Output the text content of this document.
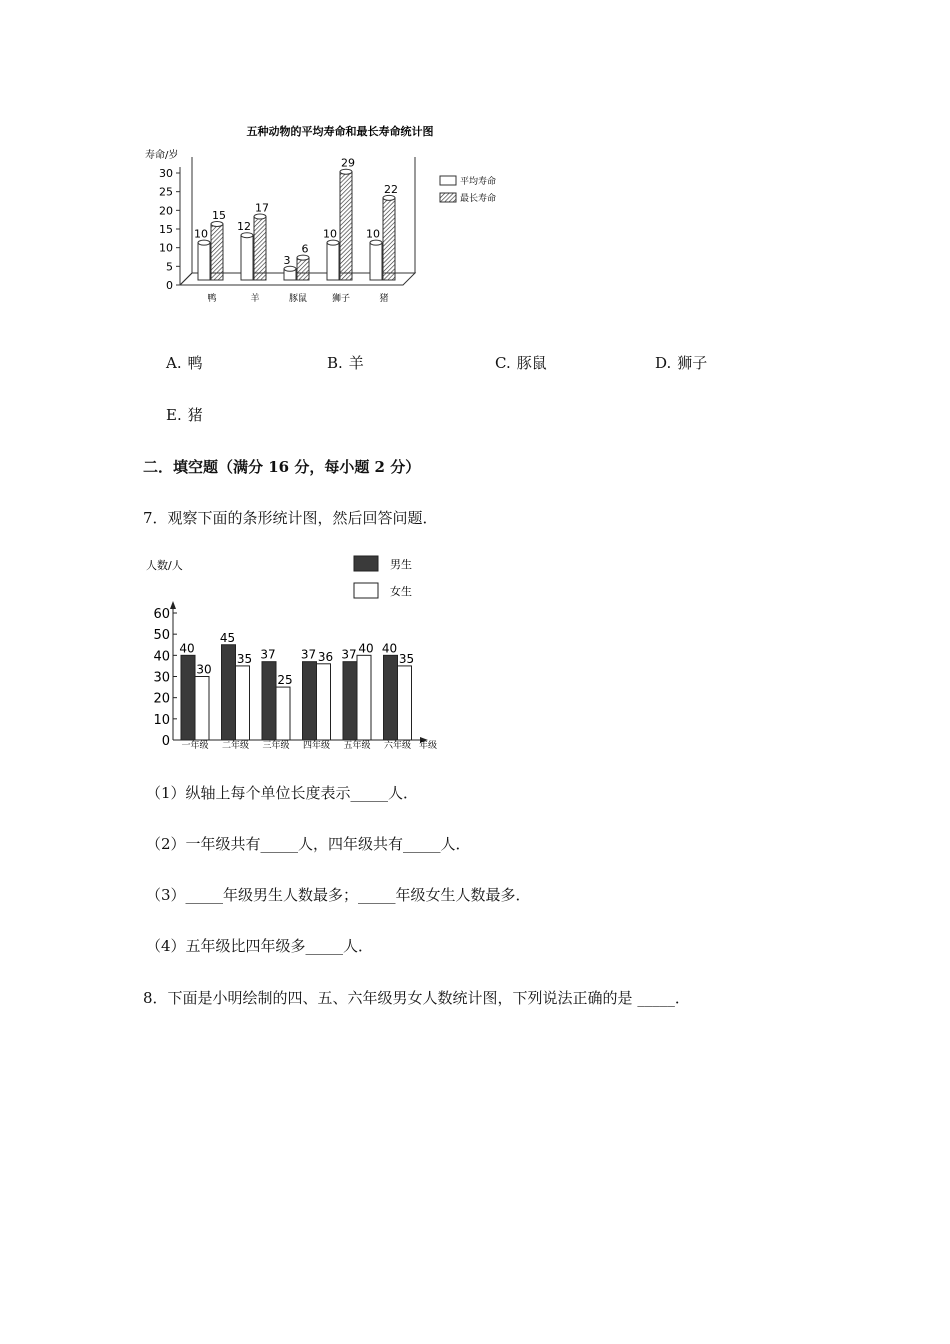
五种动物的平均寿命和最长寿命统计图
寿命/岁
0
5
10
15
20
25
30
10
15
鸭
12
17
羊
3
6
豚鼠
10
29
狮子
10
22
猪
平均寿命
最长寿命
A. 鸭	B. 羊	C. 豚鼠	D. 狮子
E. 猪
二．填空题（满分 16 分，每小题 2 分）
7．观察下面的条形统计图，然后回答问题．
人数/人
0
10
20
30
40
50
60
40
30
一年级
45
35
二年级
37
25
三年级
37 36
四年级
37 40
五年级
40
35
六年级 年级
男生
女生
（1）纵轴上每个单位长度表示_____人．
（2）一年级共有_____人，四年级共有_____人．
（3）_____年级男生人数最多；_____年级女生人数最多．
（4）五年级比四年级多_____人．
8．下面是小明绘制的四、五、六年级男女人数统计图，下列说法正确的是 _____．
